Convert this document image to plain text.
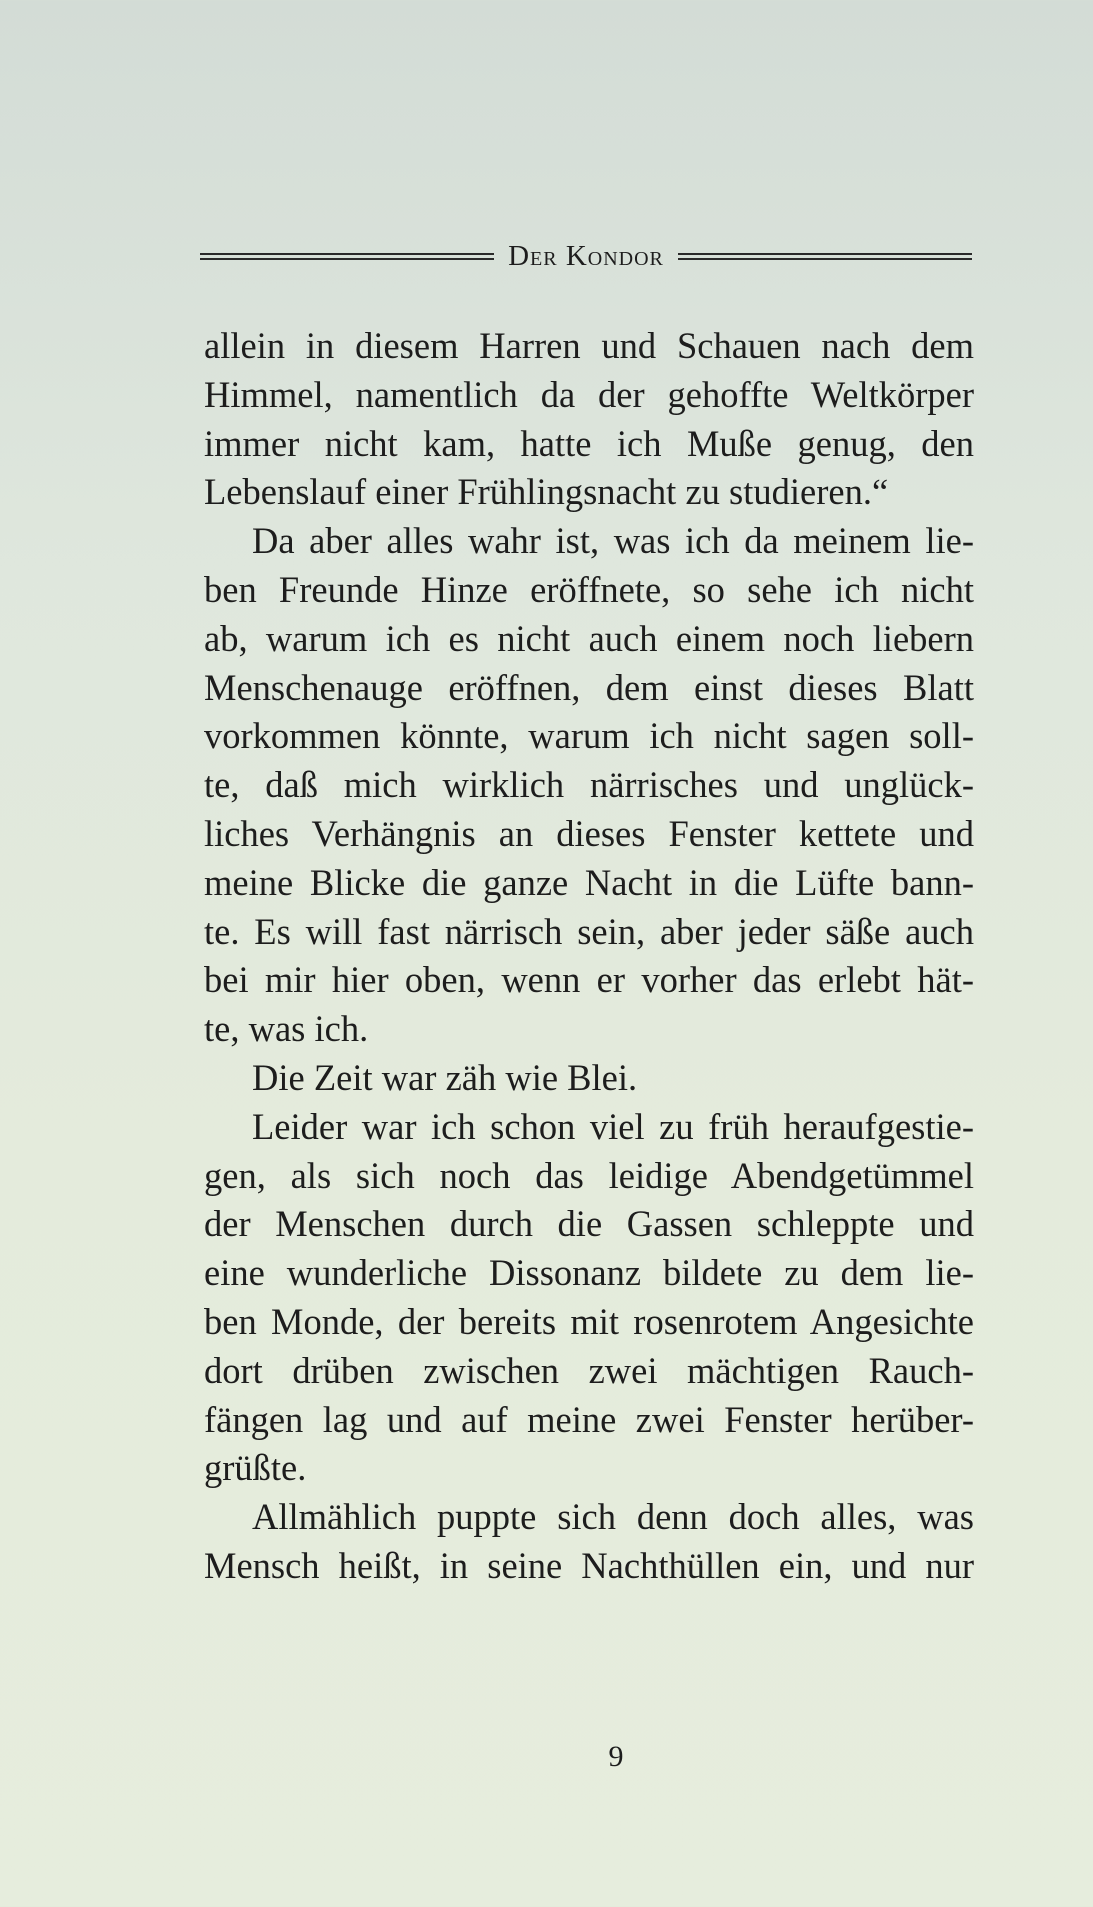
Der Kondor
allein in diesem Harren und Schauen nach dem
Himmel, namentlich da der gehoffte Weltkörper
immer nicht kam, hatte ich Muße genug, den
Lebenslauf einer Frühlingsnacht zu studieren.“
Da aber alles wahr ist, was ich da meinem lie-
ben Freunde Hinze eröffnete, so sehe ich nicht
ab, warum ich es nicht auch einem noch liebern
Menschenauge eröffnen, dem einst dieses Blatt
vorkommen könnte, warum ich nicht sagen soll-
te, daß mich wirklich närrisches und unglück-
liches Verhängnis an dieses Fenster kettete und
meine Blicke die ganze Nacht in die Lüfte bann-
te. Es will fast närrisch sein, aber jeder säße auch
bei mir hier oben, wenn er vorher das erlebt hät-
te, was ich.
Die Zeit war zäh wie Blei.
Leider war ich schon viel zu früh heraufgestie-
gen, als sich noch das leidige Abendgetümmel
der Menschen durch die Gassen schleppte und
eine wunderliche Dissonanz bildete zu dem lie-
ben Monde, der bereits mit rosenrotem Angesichte
dort drüben zwischen zwei mächtigen Rauch-
fängen lag und auf meine zwei Fenster herüber-
grüßte.
Allmählich puppte sich denn doch alles, was
Mensch heißt, in seine Nachthüllen ein, und nur
9
